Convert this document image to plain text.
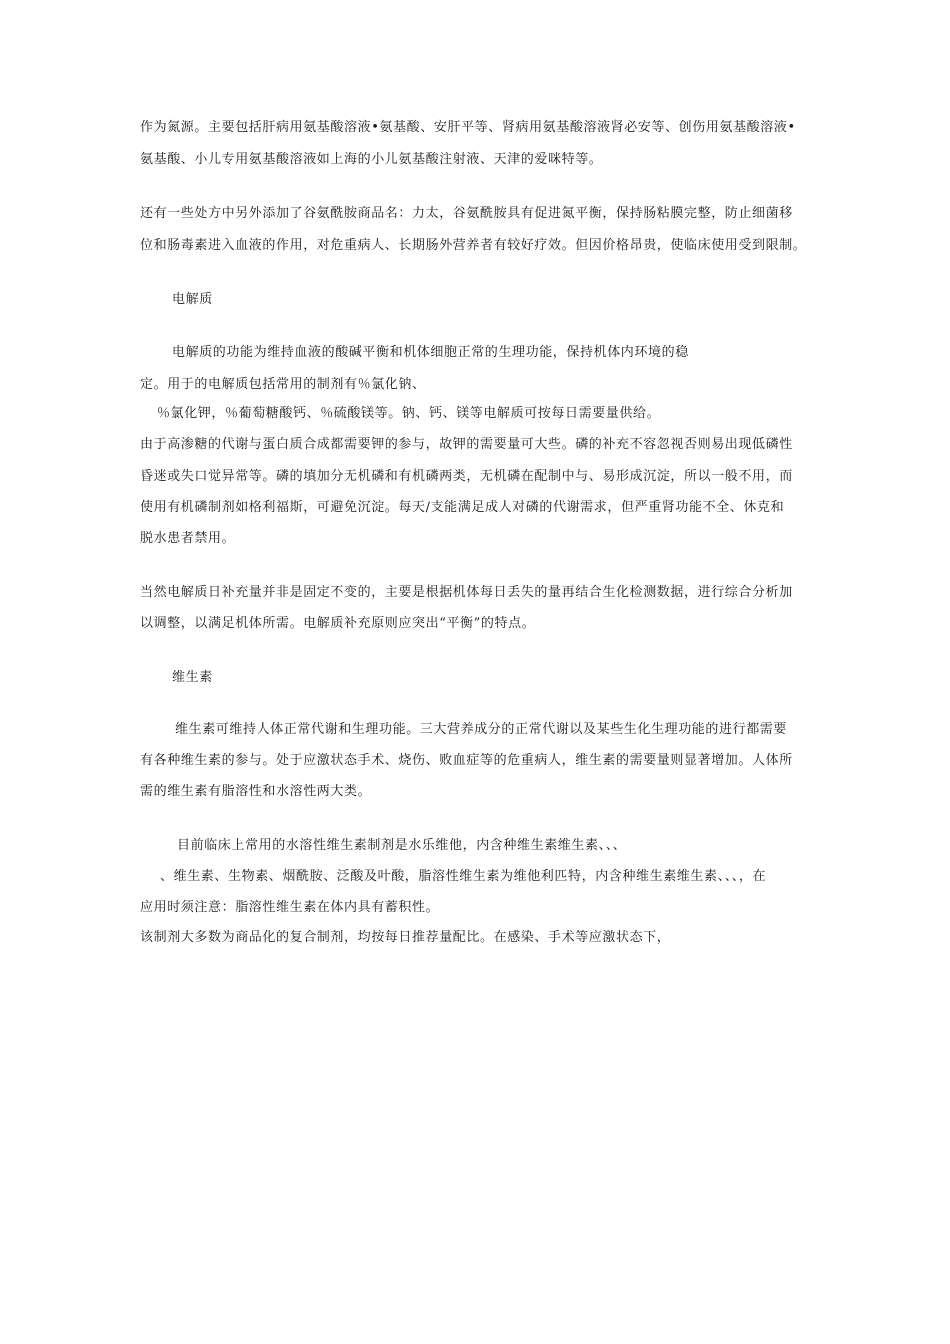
作为氮源。主要包括肝病用氨基酸溶液•氨基酸、安肝平等、肾病用氨基酸溶液肾必安等、创伤用氨基酸溶液•
氨基酸、小儿专用氨基酸溶液如上海的小儿氨基酸注射液、天津的爱咪特等。
还有一些处方中另外添加了谷氨酰胺商品名：力太，谷氨酰胺具有促进氮平衡，保持肠粘膜完整，防止细菌移
位和肠毒素进入血液的作用，对危重病人、长期肠外营养者有较好疗效。但因价格昂贵，使临床使用受到限制。
电解质
电解质的功能为维持血液的酸碱平衡和机体细胞正常的生理功能，保持机体内环境的稳
定。用于的电解质包括常用的制剂有％氯化钠、
％氯化钾，％葡萄糖酸钙、％硫酸镁等。钠、钙、镁等电解质可按每日需要量供给。
由于高渗糖的代谢与蛋白质合成都需要钾的参与，故钾的需要量可大些。磷的补充不容忽视否则易出现低磷性
昏迷或失口觉异常等。磷的填加分无机磷和有机磷两类，无机磷在配制中与、易形成沉淀，所以一般不用，而
使用有机磷制剂如格利福斯，可避免沉淀。每天/支能满足成人对磷的代谢需求，但严重肾功能不全、休克和
脱水患者禁用。
当然电解质日补充量并非是固定不变的，主要是根据机体每日丢失的量再结合生化检测数据，进行综合分析加
以调整，以满足机体所需。电解质补充原则应突出“平衡”的特点。
维生素
维生素可维持人体正常代谢和生理功能。三大营养成分的正常代谢以及某些生化生理功能的进行都需要
有各种维生素的参与。处于应激状态手术、烧伤、败血症等的危重病人，维生素的需要量则显著增加。人体所
需的维生素有脂溶性和水溶性两大类。
目前临床上常用的水溶性维生素制剂是水乐维他，内含种维生素维生素、、、
、维生素、生物素、烟酰胺、泛酸及叶酸，脂溶性维生素为维他利匹特，内含种维生素维生素、、、，在
应用时须注意：脂溶性维生素在体内具有蓄积性。
该制剂大多数为商品化的复合制剂，均按每日推荐量配比。在感染、手术等应激状态下，
